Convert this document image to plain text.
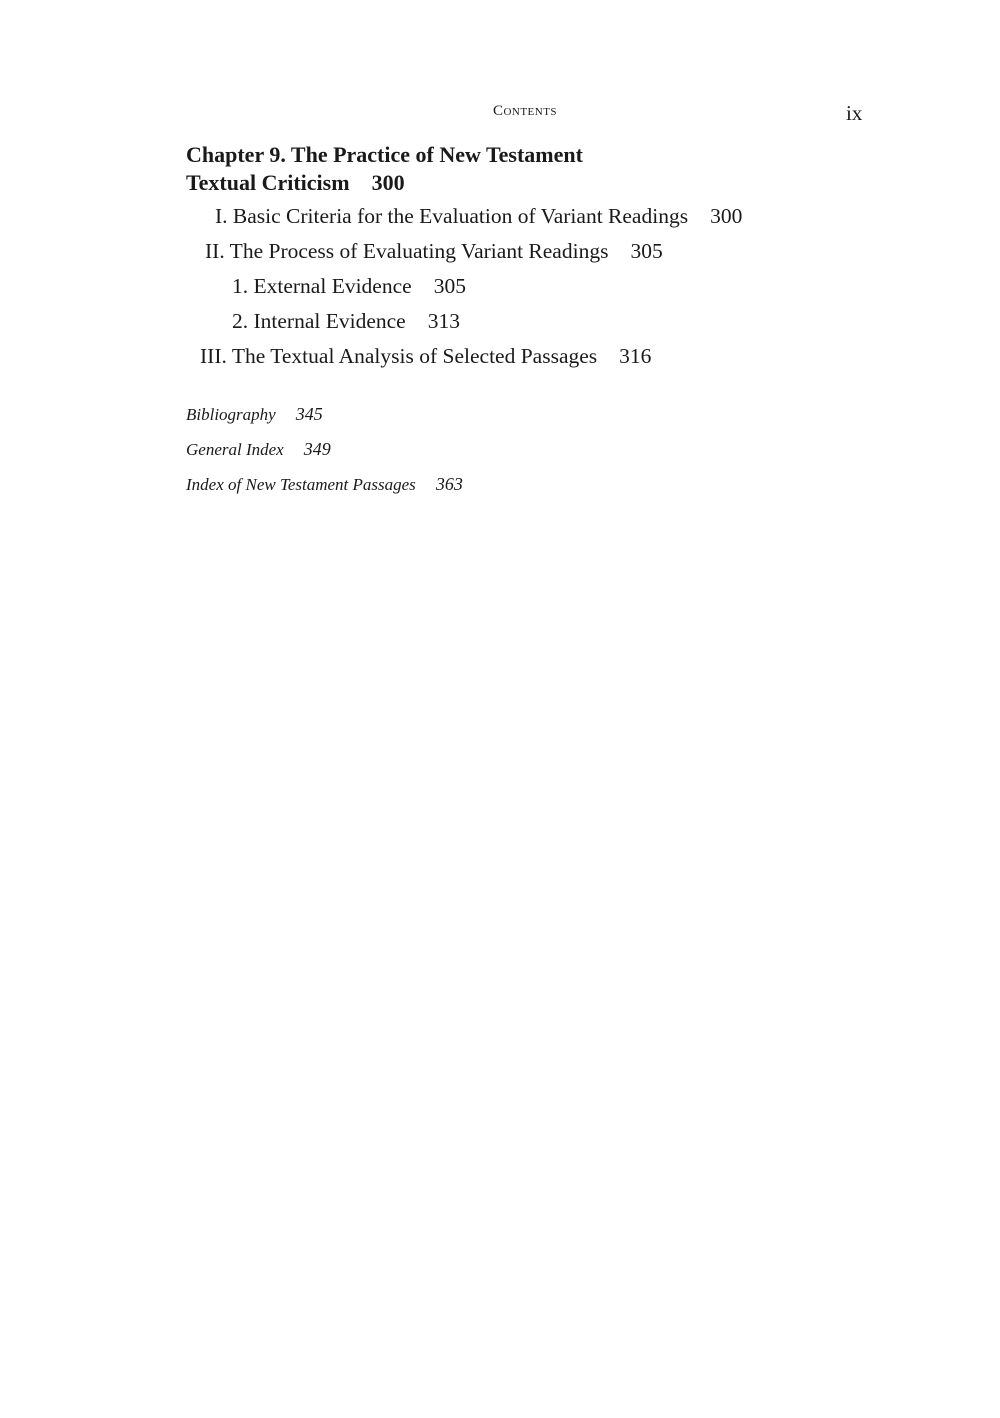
Contents	ix
Chapter 9. The Practice of New Testament
Textual Criticism 300
I. Basic Criteria for the Evaluation of Variant Readings 300
II. The Process of Evaluating Variant Readings 305
1. External Evidence 305
2. Internal Evidence 313
III. The Textual Analysis of Selected Passages 316
Bibliography 345
General Index 349
Index of New Testament Passages 363
